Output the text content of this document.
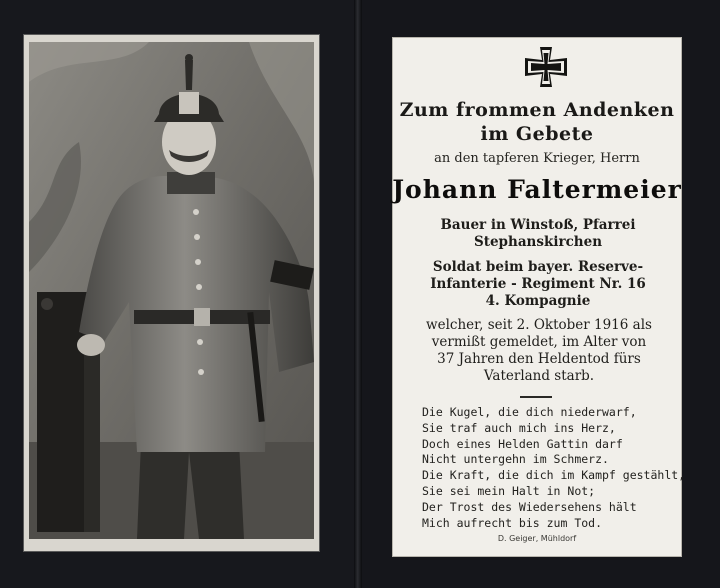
Zum frommen Andenken
im Gebete
an den tapferen Krieger, Herrn
Johann Faltermeier
Bauer in Winstoß, Pfarrei
Stephanskirchen
Soldat beim bayer. Reserve-
Infanterie - Regiment Nr. 16
4. Kompagnie
welcher, seit 2. Oktober 1916 als
vermißt gemeldet, im Alter von
37 Jahren den Heldentod fürs
Vaterland starb.
Die Kugel, die dich niederwarf,
Sie traf auch mich ins Herz,
Doch eines Helden Gattin darf
Nicht untergehn im Schmerz.
Die Kraft, die dich im Kampf gestählt,
Sie sei mein Halt in Not;
Der Trost des Wiedersehens hält
Mich aufrecht bis zum Tod.
D. Geiger, Mühldorf
